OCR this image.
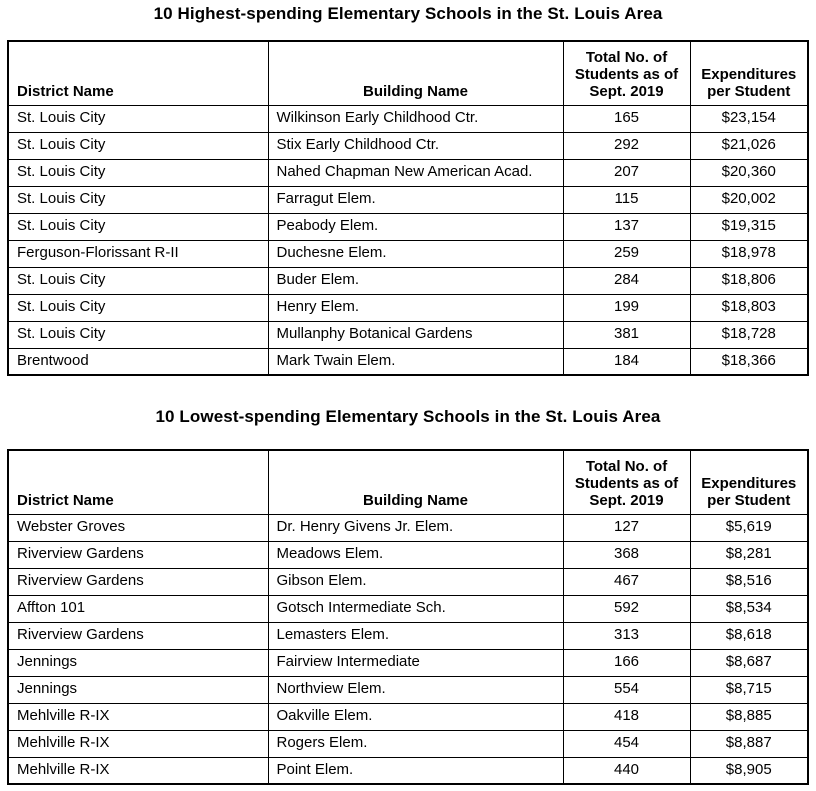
10 Highest-spending Elementary Schools in the St. Louis Area
District Name	Building Name	Total No. of Students as of Sept. 2019	Expenditures per Student
St. Louis City	Wilkinson Early Childhood Ctr.	165	$23,154
St. Louis City	Stix Early Childhood Ctr.	292	$21,026
St. Louis City	Nahed Chapman New American Acad.	207	$20,360
St. Louis City	Farragut Elem.	115	$20,002
St. Louis City	Peabody Elem.	137	$19,315
Ferguson-Florissant R-II	Duchesne Elem.	259	$18,978
St. Louis City	Buder Elem.	284	$18,806
St. Louis City	Henry Elem.	199	$18,803
St. Louis City	Mullanphy Botanical Gardens	381	$18,728
Brentwood	Mark Twain Elem.	184	$18,366
10 Lowest-spending Elementary Schools in the St. Louis Area
District Name	Building Name	Total No. of Students as of Sept. 2019	Expenditures per Student
Webster Groves	Dr. Henry Givens Jr. Elem.	127	$5,619
Riverview Gardens	Meadows Elem.	368	$8,281
Riverview Gardens	Gibson Elem.	467	$8,516
Affton 101	Gotsch Intermediate Sch.	592	$8,534
Riverview Gardens	Lemasters Elem.	313	$8,618
Jennings	Fairview Intermediate	166	$8,687
Jennings	Northview Elem.	554	$8,715
Mehlville R-IX	Oakville Elem.	418	$8,885
Mehlville R-IX	Rogers Elem.	454	$8,887
Mehlville R-IX	Point Elem.	440	$8,905
